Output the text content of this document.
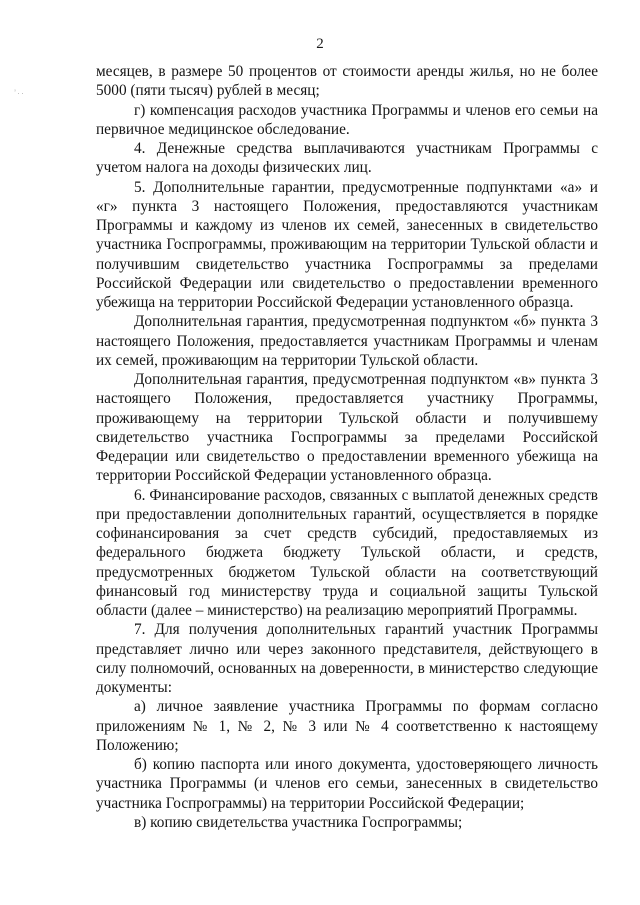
’··
2

месяцев, в размере 50 процентов от стоимости аренды жилья, но не более 5000 (пяти тысяч) рублей в месяц;

г) компенсация расходов участника Программы и членов его семьи на первичное медицинское обследование.

4. Денежные средства выплачиваются участникам Программы с учетом налога на доходы физических лиц.

5. Дополнительные гарантии, предусмотренные подпунктами «а» и «г» пункта 3 настоящего Положения, предоставляются участникам Программы и каждому из членов их семей, занесенных в свидетельство участника Госпрограммы, проживающим на территории Тульской области и получившим свидетельство участника Госпрограммы за пределами Российской Федерации или свидетельство о предоставлении временного убежища на территории Российской Федерации установленного образца.

Дополнительная гарантия, предусмотренная подпунктом «б» пункта 3 настоящего Положения, предоставляется участникам Программы и членам их семей, проживающим на территории Тульской области.

Дополнительная гарантия, предусмотренная подпунктом «в» пункта 3 настоящего Положения, предоставляется участнику Программы, проживающему на территории Тульской области и получившему свидетельство участника Госпрограммы за пределами Российской Федерации или свидетельство о предоставлении временного убежища на территории Российской Федерации установленного образца.

6. Финансирование расходов, связанных с выплатой денежных средств при предоставлении дополнительных гарантий, осуществляется в порядке софинансирования за счет средств субсидий, предоставляемых из федерального бюджета бюджету Тульской области, и средств, предусмотренных бюджетом Тульской области на соответствующий финансовый год министерству труда и социальной защиты Тульской области (далее – министерство) на реализацию мероприятий Программы.

7. Для получения дополнительных гарантий участник Программы представляет лично или через законного представителя, действующего в силу полномочий, основанных на доверенности, в министерство следующие документы:

а) личное заявление участника Программы по формам согласно приложениям № 1, № 2, № 3 или № 4 соответственно к настоящему Положению;

б) копию паспорта или иного документа, удостоверяющего личность участника Программы (и членов его семьи, занесенных в свидетельство участника Госпрограммы) на территории Российской Федерации;

в) копию свидетельства участника Госпрограммы;
